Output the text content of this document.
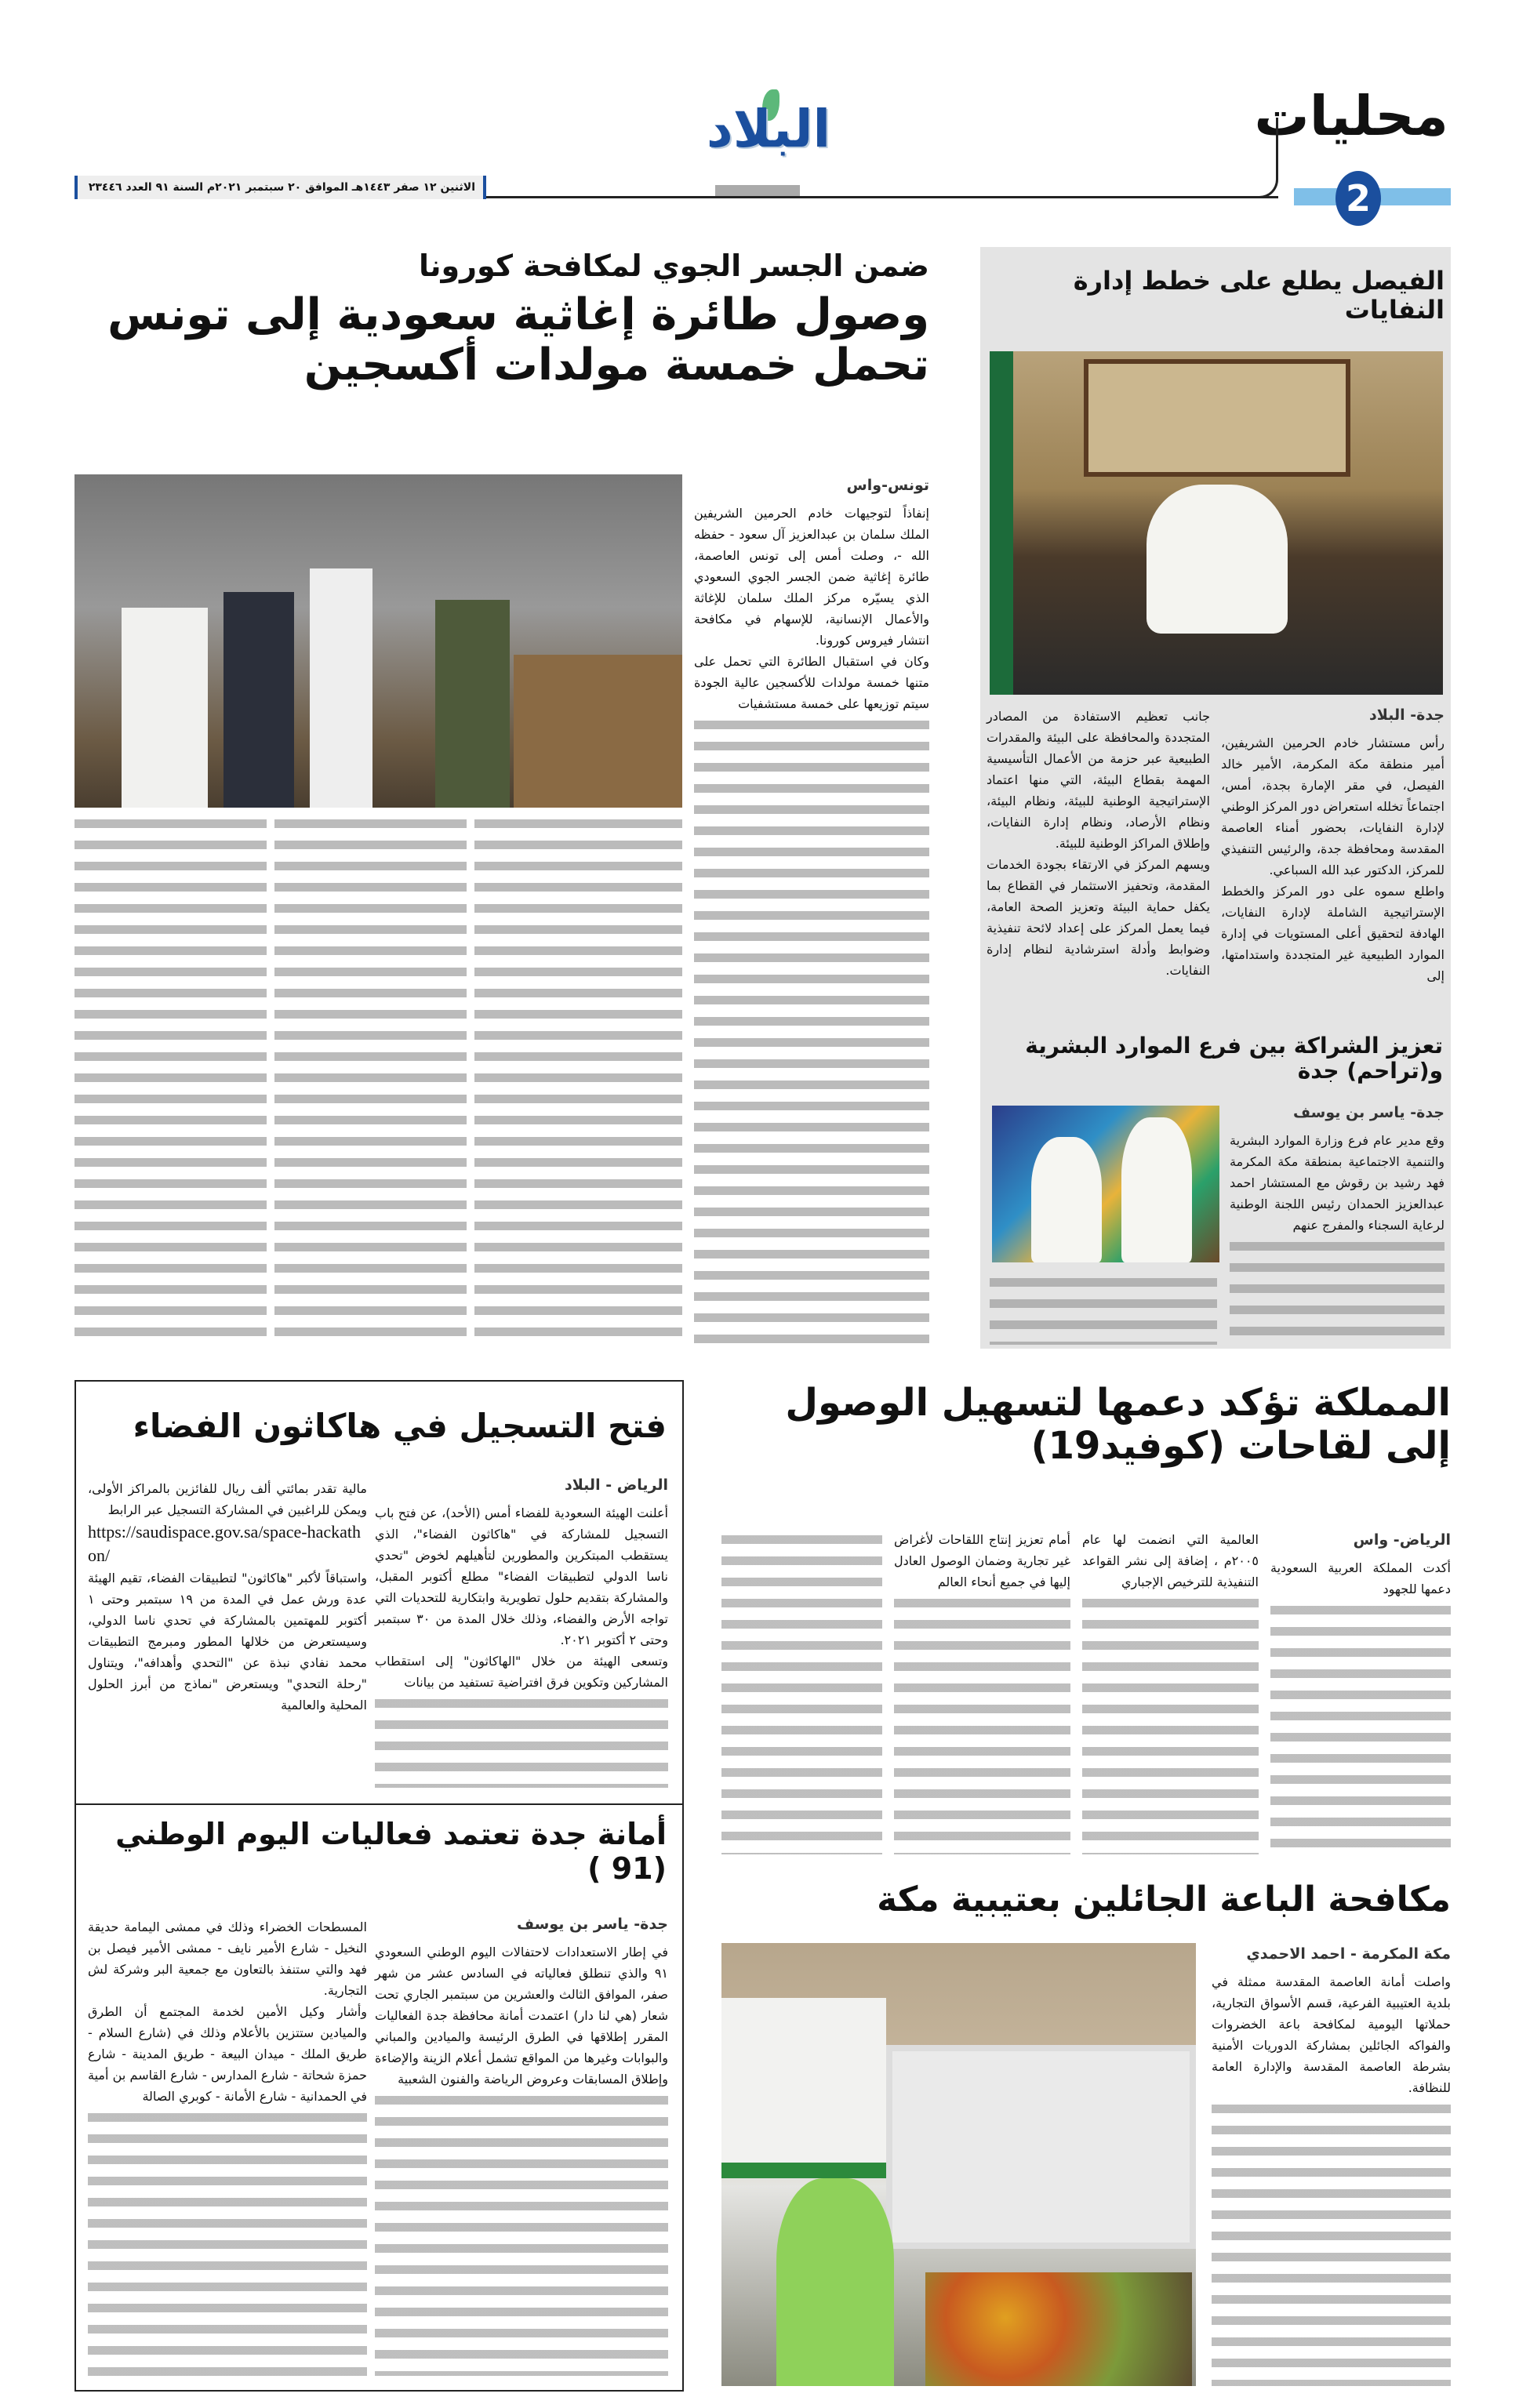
محليات
2
البلاد
الاثنين ١٢ صفر ١٤٤٣هـ الموافق ٢٠ سبتمبر ٢٠٢١م السنة ٩١ العدد ٢٣٤٤٦
الفيصل يطلع على خطط إدارة النفايات
جدة- البلاد

رأس مستشار خادم الحرمين الشريفين، أمير منطقة مكة المكرمة، الأمير خالد الفيصل، في مقر الإمارة بجدة، أمس، اجتماعاً تخلله استعراض دور المركز الوطني لإدارة النفايات، بحضور أمناء العاصمة المقدسة ومحافظة جدة، والرئيس التنفيذي للمركز، الدكتور عبد الله السباعي.

واطلع سموه على دور المركز والخطط الإستراتيجية الشاملة لإدارة النفايات، الهادفة لتحقيق أعلى المستويات في إدارة الموارد الطبيعية غير المتجددة واستدامتها، إلى

جانب تعظيم الاستفادة من المصادر المتجددة والمحافظة على البيئة والمقدرات الطبيعية عبر حزمة من الأعمال التأسيسية المهمة بقطاع البيئة، التي منها اعتماد الإستراتيجية الوطنية للبيئة، ونظام البيئة، ونظام الأرصاد، ونظام إدارة النفايات، وإطلاق المراكز الوطنية للبيئة.

ويسهم المركز في الارتقاء بجودة الخدمات المقدمة، وتحفيز الاستثمار في القطاع بما يكفل حماية البيئة وتعزيز الصحة العامة، فيما يعمل المركز على إعداد لائحة تنفيذية وضوابط وأدلة استرشادية لنظام إدارة النفايات.

تعزيز الشراكة بين فرع الموارد البشرية و(تراحم) جدة
جدة- ياسر بن يوسف

وقع مدير عام فرع وزارة الموارد البشرية والتنمية الاجتماعية بمنطقة مكة المكرمة فهد رشيد بن رقوش مع المستشار احمد عبدالعزيز الحمدان رئيس اللجنة الوطنية لرعاية السجناء والمفرج عنهم

ضمن الجسر الجوي لمكافحة كورونا
وصول طائرة إغاثية سعودية إلى تونس
تحمل خمسة مولدات أكسجين
تونس-واس

إنفاذاً لتوجيهات خادم الحرمين الشريفين الملك سلمان بن عبدالعزيز آل سعود - حفظه الله -، وصلت أمس إلى تونس العاصمة، طائرة إغاثية ضمن الجسر الجوي السعودي الذي يسيّره مركز الملك سلمان للإغاثة والأعمال الإنسانية، للإسهام في مكافحة انتشار فيروس كورونا.

وكان في استقبال الطائرة التي تحمل على متنها خمسة مولدات للأكسجين عالية الجودة سيتم توزيعها على خمسة مستشفيات

فتح التسجيل في هاكاثون الفضاء
الرياض - البلاد

أعلنت الهيئة السعودية للفضاء أمس (الأحد)، عن فتح باب التسجيل للمشاركة في "هاكاثون الفضاء"، الذي يستقطب المبتكرين والمطورين لتأهيلهم لخوض "تحدي ناسا الدولي لتطبيقات الفضاء" مطلع أكتوبر المقبل، والمشاركة بتقديم حلول تطويرية وابتكارية للتحديات التي تواجه الأرض والفضاء، وذلك خلال المدة من ٣٠ سبتمبر وحتى ٢ أكتوبر ٢٠٢١.

وتسعى الهيئة من خلال "الهاكاثون" إلى استقطاب المشاركين وتكوين فرق افتراضية تستفيد من بيانات

مالية تقدر بمائتي ألف ريال للفائزين بالمراكز الأولى، ويمكن للراغبين في المشاركة التسجيل عبر الرابط

https://saudispace.gov.sa/space-hackathon/

واستباقاً لأكبر "هاكاثون" لتطبيقات الفضاء، تقيم الهيئة عدة ورش عمل في المدة من ١٩ سبتمبر وحتى ١ أكتوبر للمهتمين بالمشاركة في تحدي ناسا الدولي، وسيستعرض من خلالها المطور ومبرمج التطبيقات محمد نفادي نبذة عن "التحدي وأهدافه"، ويتناول "رحلة التحدي" ويستعرض "نماذج من أبرز الحلول المحلية والعالمية

أمانة جدة تعتمد فعاليات اليوم الوطني (91 )
جدة- ياسر بن يوسف

في إطار الاستعدادات لاحتفالات اليوم الوطني السعودي ٩١ والذي تنطلق فعالياته في السادس عشر من شهر صفر، الموافق الثالث والعشرين من سبتمبر الجاري تحت شعار (هي لنا دار) اعتمدت أمانة محافظة جدة الفعاليات المقرر إطلاقها في الطرق الرئيسة والميادين والمباني والبوابات وغيرها من المواقع تشمل أعلام الزينة والإضاءة وإطلاق المسابقات وعروض الرياضة والفنون الشعبية

المسطحات الخضراء وذلك في ممشى اليمامة حديقة النخيل - شارع الأمير نايف - ممشى الأمير فيصل بن فهد والتي ستنفذ بالتعاون مع جمعية البر وشركة لش التجارية.

وأشار وكيل الأمين لخدمة المجتمع أن الطرق والميادين ستتزين بالأعلام وذلك في (شارع السلام - طريق الملك - ميدان البيعة - طريق المدينة - شارع حمزة شحاتة - شارع المدارس - شارع القاسم بن أمية في الحمدانية - شارع الأمانة - كوبري الصالة

المملكة تؤكد دعمها لتسهيل الوصول
إلى لقاحات (كوفيد19)
الرياض- واس

أكدت المملكة العربية السعودية دعمها للجهود

العالمية التي انضمت لها عام ٢٠٠٥م ، إضافة إلى نشر القواعد التنفيذية للترخيص الإجباري

أمام تعزيز إنتاج اللقاحات لأغراض غير تجارية وضمان الوصول العادل إليها في جميع أنحاء العالم

مكافحة الباعة الجائلين بعتيبية مكة
مكة المكرمة - احمد الاحمدي

واصلت أمانة العاصمة المقدسة ممثلة في بلدية العتيبية الفرعية، قسم الأسواق التجارية، حملاتها اليومية لمكافحة باعة الخضروات والفواكه الجائلين بمشاركة الدوريات الأمنية بشرطة العاصمة المقدسة والإدارة العامة للنظافة.
